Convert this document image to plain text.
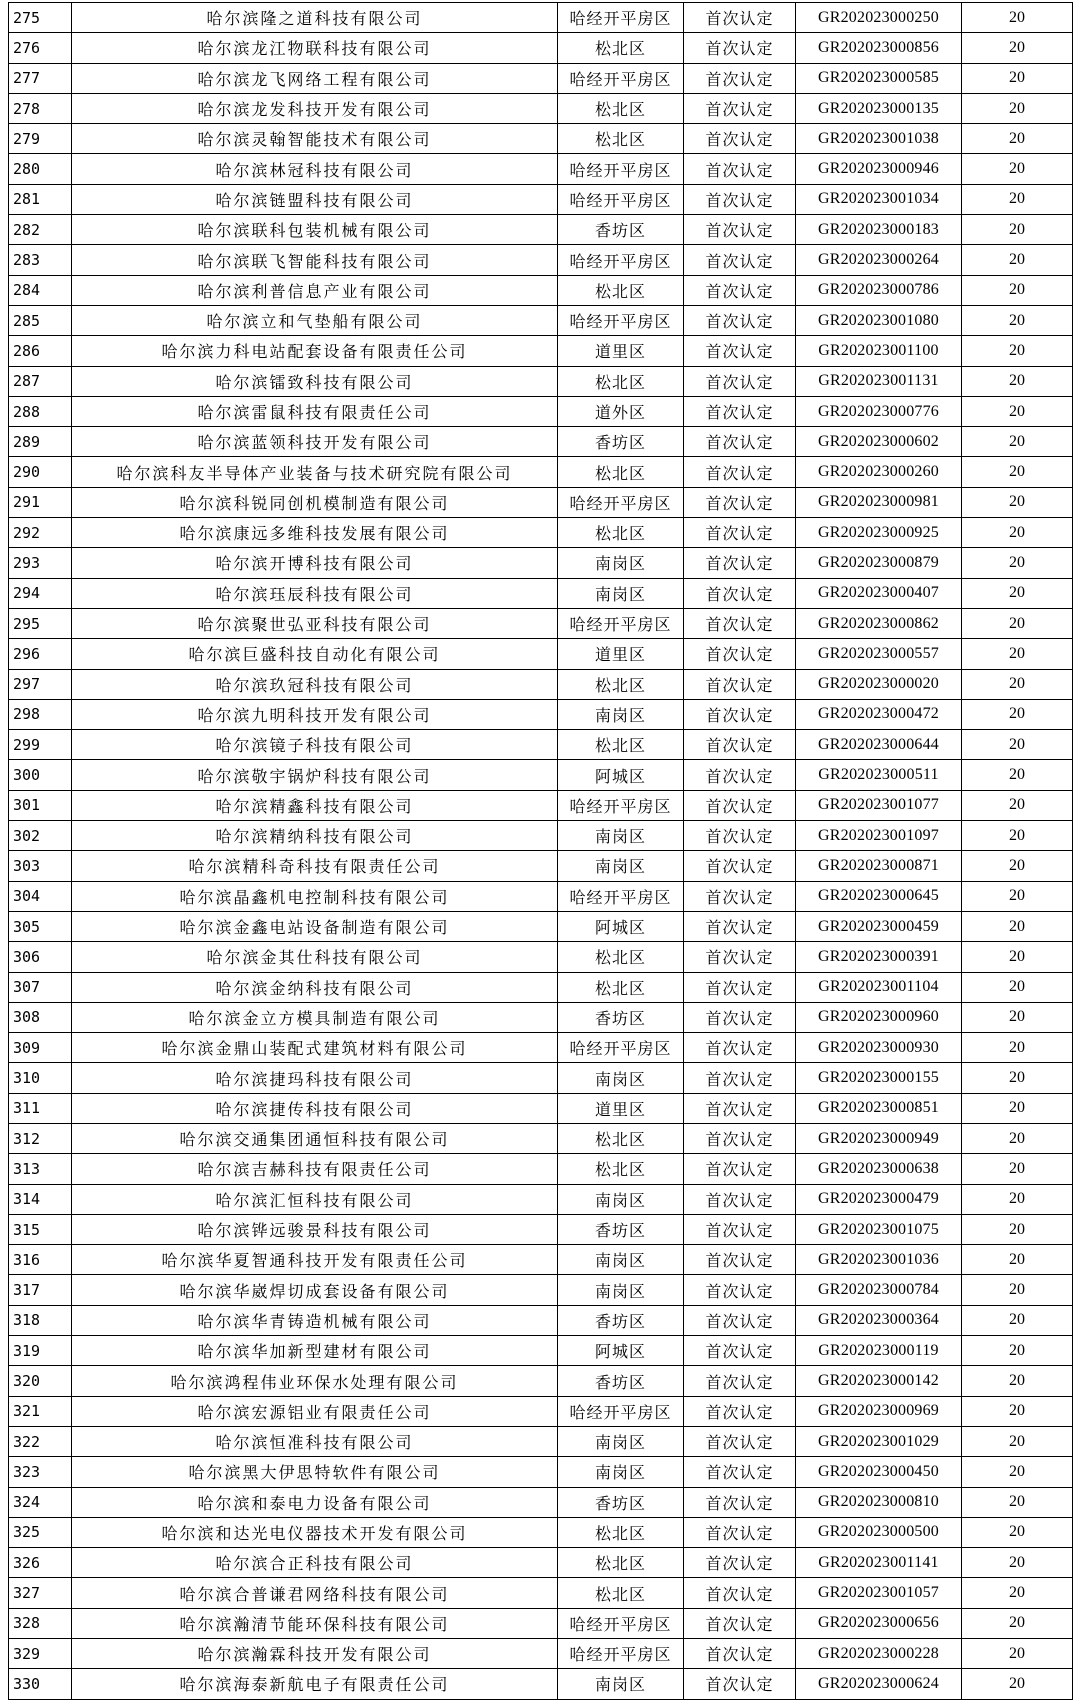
275	哈尔滨隆之道科技有限公司	哈经开平房区	首次认定	GR202023000250	20
276	哈尔滨龙江物联科技有限公司	松北区	首次认定	GR202023000856	20
277	哈尔滨龙飞网络工程有限公司	哈经开平房区	首次认定	GR202023000585	20
278	哈尔滨龙发科技开发有限公司	松北区	首次认定	GR202023000135	20
279	哈尔滨灵翰智能技术有限公司	松北区	首次认定	GR202023001038	20
280	哈尔滨林冠科技有限公司	哈经开平房区	首次认定	GR202023000946	20
281	哈尔滨链盟科技有限公司	哈经开平房区	首次认定	GR202023001034	20
282	哈尔滨联科包装机械有限公司	香坊区	首次认定	GR202023000183	20
283	哈尔滨联飞智能科技有限公司	哈经开平房区	首次认定	GR202023000264	20
284	哈尔滨利普信息产业有限公司	松北区	首次认定	GR202023000786	20
285	哈尔滨立和气垫船有限公司	哈经开平房区	首次认定	GR202023001080	20
286	哈尔滨力科电站配套设备有限责任公司	道里区	首次认定	GR202023001100	20
287	哈尔滨镭致科技有限公司	松北区	首次认定	GR202023001131	20
288	哈尔滨雷鼠科技有限责任公司	道外区	首次认定	GR202023000776	20
289	哈尔滨蓝领科技开发有限公司	香坊区	首次认定	GR202023000602	20
290	哈尔滨科友半导体产业装备与技术研究院有限公司	松北区	首次认定	GR202023000260	20
291	哈尔滨科锐同创机模制造有限公司	哈经开平房区	首次认定	GR202023000981	20
292	哈尔滨康远多维科技发展有限公司	松北区	首次认定	GR202023000925	20
293	哈尔滨开博科技有限公司	南岗区	首次认定	GR202023000879	20
294	哈尔滨珏辰科技有限公司	南岗区	首次认定	GR202023000407	20
295	哈尔滨聚世弘亚科技有限公司	哈经开平房区	首次认定	GR202023000862	20
296	哈尔滨巨盛科技自动化有限公司	道里区	首次认定	GR202023000557	20
297	哈尔滨玖冠科技有限公司	松北区	首次认定	GR202023000020	20
298	哈尔滨九明科技开发有限公司	南岗区	首次认定	GR202023000472	20
299	哈尔滨镜子科技有限公司	松北区	首次认定	GR202023000644	20
300	哈尔滨敬宇锅炉科技有限公司	阿城区	首次认定	GR202023000511	20
301	哈尔滨精鑫科技有限公司	哈经开平房区	首次认定	GR202023001077	20
302	哈尔滨精纳科技有限公司	南岗区	首次认定	GR202023001097	20
303	哈尔滨精科奇科技有限责任公司	南岗区	首次认定	GR202023000871	20
304	哈尔滨晶鑫机电控制科技有限公司	哈经开平房区	首次认定	GR202023000645	20
305	哈尔滨金鑫电站设备制造有限公司	阿城区	首次认定	GR202023000459	20
306	哈尔滨金其仕科技有限公司	松北区	首次认定	GR202023000391	20
307	哈尔滨金纳科技有限公司	松北区	首次认定	GR202023001104	20
308	哈尔滨金立方模具制造有限公司	香坊区	首次认定	GR202023000960	20
309	哈尔滨金鼎山装配式建筑材料有限公司	哈经开平房区	首次认定	GR202023000930	20
310	哈尔滨捷玛科技有限公司	南岗区	首次认定	GR202023000155	20
311	哈尔滨捷传科技有限公司	道里区	首次认定	GR202023000851	20
312	哈尔滨交通集团通恒科技有限公司	松北区	首次认定	GR202023000949	20
313	哈尔滨吉赫科技有限责任公司	松北区	首次认定	GR202023000638	20
314	哈尔滨汇恒科技有限公司	南岗区	首次认定	GR202023000479	20
315	哈尔滨铧远骏景科技有限公司	香坊区	首次认定	GR202023001075	20
316	哈尔滨华夏智通科技开发有限责任公司	南岗区	首次认定	GR202023001036	20
317	哈尔滨华崴焊切成套设备有限公司	南岗区	首次认定	GR202023000784	20
318	哈尔滨华青铸造机械有限公司	香坊区	首次认定	GR202023000364	20
319	哈尔滨华加新型建材有限公司	阿城区	首次认定	GR202023000119	20
320	哈尔滨鸿程伟业环保水处理有限公司	香坊区	首次认定	GR202023000142	20
321	哈尔滨宏源铝业有限责任公司	哈经开平房区	首次认定	GR202023000969	20
322	哈尔滨恒准科技有限公司	南岗区	首次认定	GR202023001029	20
323	哈尔滨黑大伊思特软件有限公司	南岗区	首次认定	GR202023000450	20
324	哈尔滨和泰电力设备有限公司	香坊区	首次认定	GR202023000810	20
325	哈尔滨和达光电仪器技术开发有限公司	松北区	首次认定	GR202023000500	20
326	哈尔滨合正科技有限公司	松北区	首次认定	GR202023001141	20
327	哈尔滨合普谦君网络科技有限公司	松北区	首次认定	GR202023001057	20
328	哈尔滨瀚清节能环保科技有限公司	哈经开平房区	首次认定	GR202023000656	20
329	哈尔滨瀚霖科技开发有限公司	哈经开平房区	首次认定	GR202023000228	20
330	哈尔滨海泰新航电子有限责任公司	南岗区	首次认定	GR202023000624	20
